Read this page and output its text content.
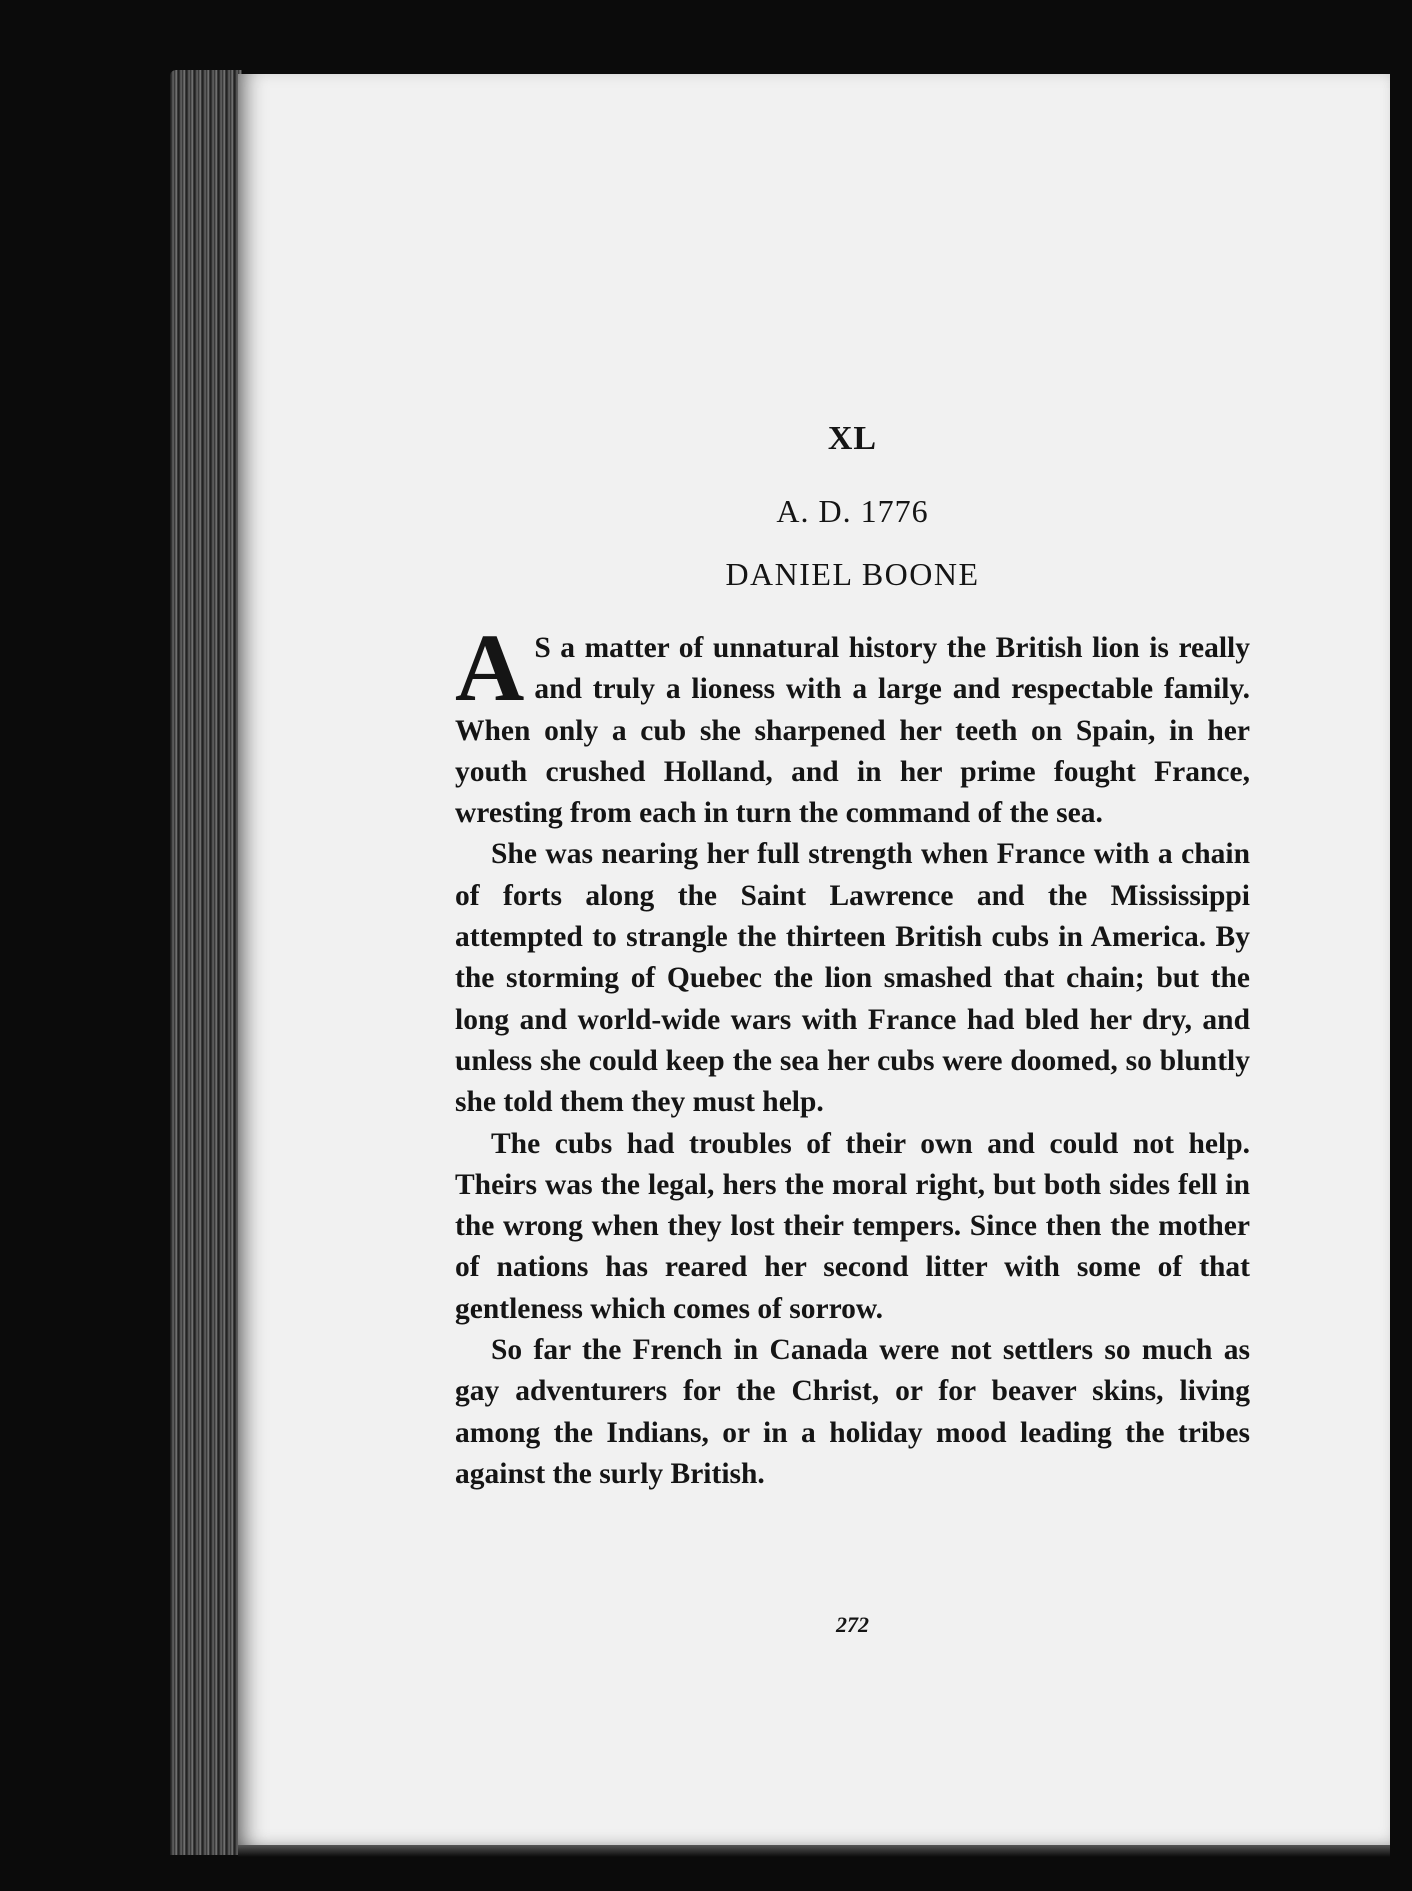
XL
A. D. 1776
DANIEL BOONE

A S a matter of unnatural history the British lion is really and truly a lioness with a large and respectable family. When only a cub she sharpened her teeth on Spain, in her youth crushed Holland, and in her prime fought France, wresting from each in turn the command of the sea.

She was nearing her full strength when France with a chain of forts along the Saint Lawrence and the Mississippi attempted to strangle the thirteen British cubs in America. By the storming of Quebec the lion smashed that chain; but the long and world-wide wars with France had bled her dry, and unless she could keep the sea her cubs were doomed, so bluntly she told them they must help.

The cubs had troubles of their own and could not help. Theirs was the legal, hers the moral right, but both sides fell in the wrong when they lost their tempers. Since then the mother of nations has reared her second litter with some of that gentleness which comes of sorrow.

So far the French in Canada were not settlers so much as gay adventurers for the Christ, or for beaver skins, living among the Indians, or in a holiday mood leading the tribes against the surly British.

272
